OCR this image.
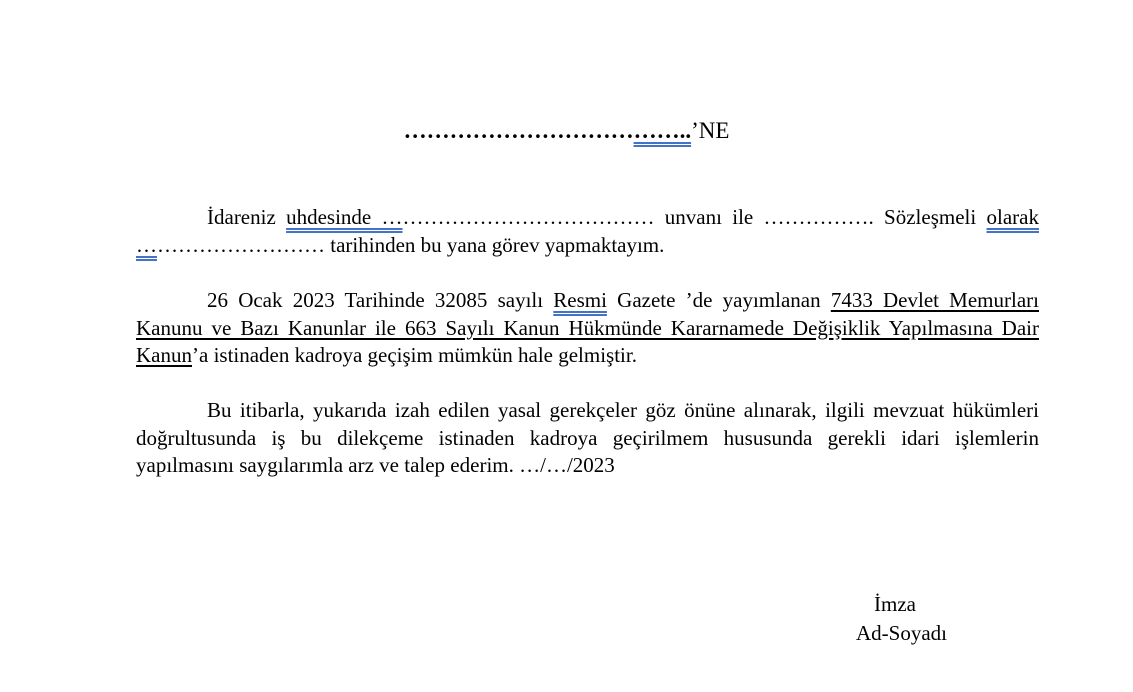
………………………………..’NE

İdareniz uhdesinde ………………………………… unvanı ile ……………. Sözleşmeli olarak ……………………… tarihinden bu yana görev yapmaktayım.

26 Ocak 2023 Tarihinde 32085 sayılı Resmi Gazete ’de yayımlanan 7433 Devlet Memurları Kanunu ve Bazı Kanunlar ile 663 Sayılı Kanun Hükmünde Kararnamede Değişiklik Yapılmasına Dair Kanun’a istinaden kadroya geçişim mümkün hale gelmiştir.

Bu itibarla, yukarıda izah edilen yasal gerekçeler göz önüne alınarak, ilgili mevzuat hükümleri doğrultusunda iş bu dilekçeme istinaden kadroya geçirilmem hususunda gerekli idari işlemlerin yapılmasını saygılarımla arz ve talep ederim. …/…/2023

İmza
Ad-Soyadı
